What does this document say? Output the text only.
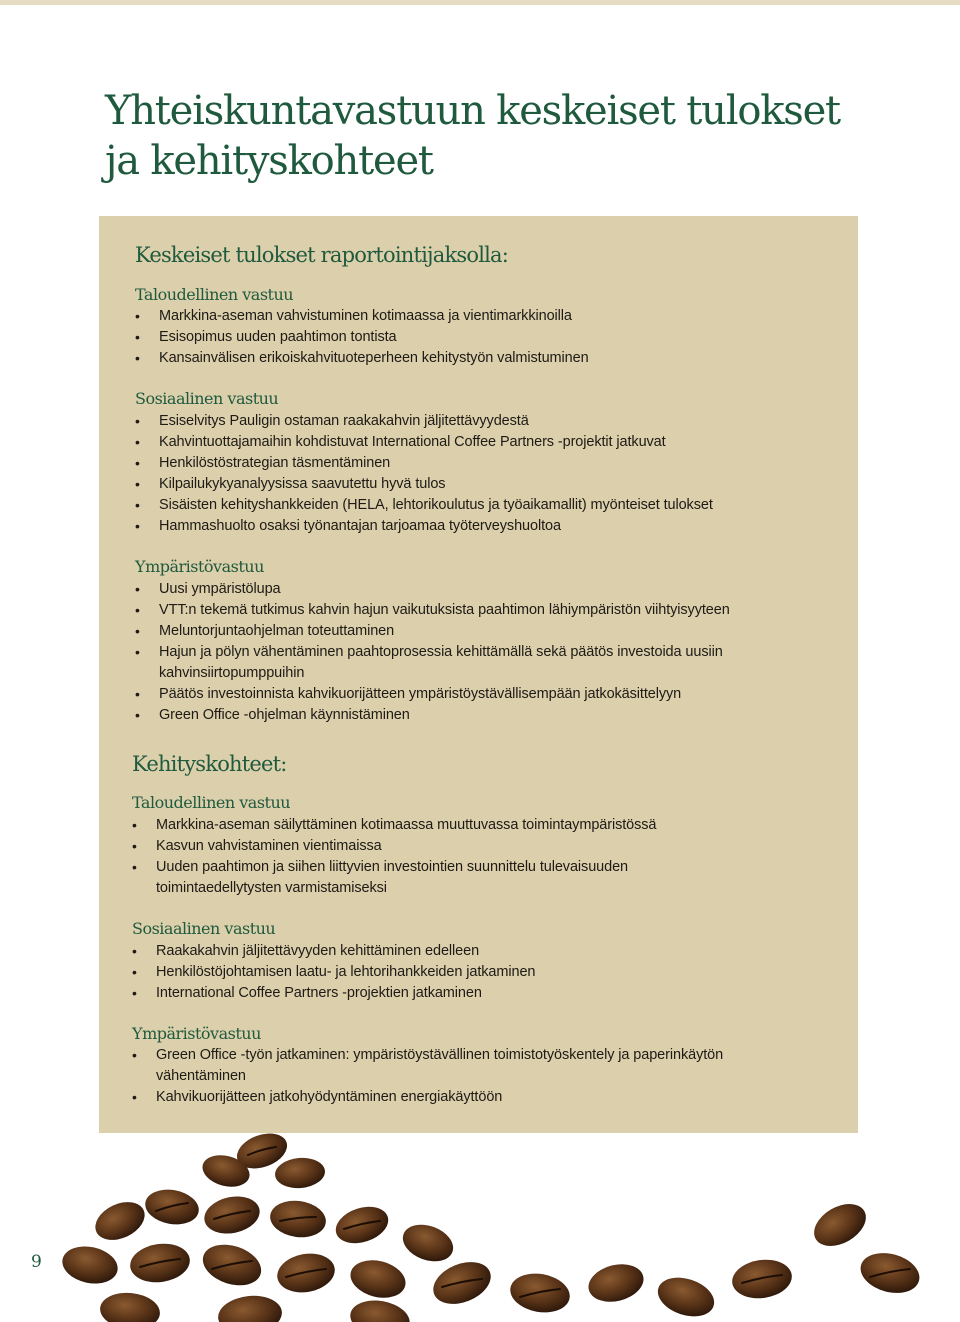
Yhteiskuntavastuun keskeiset tulokset
ja kehityskohteet
Keskeiset tulokset raportointijaksolla:
Taloudellinen vastuu
• Markkina-aseman vahvistuminen kotimaassa ja vientimarkkinoilla
• Esisopimus uuden paahtimon tontista
• Kansainvälisen erikoiskahvituoteperheen kehitystyön valmistuminen
Sosiaalinen vastuu
• Esiselvitys Pauligin ostaman raakakahvin jäljitettävyydestä
• Kahvintuottajamaihin kohdistuvat International Coffee Partners -projektit jatkuvat
• Henkilöstöstrategian täsmentäminen
• Kilpailukykyanalyysissa saavutettu hyvä tulos
• Sisäisten kehityshankkeiden (HELA, lehtorikoulutus ja työaikamallit) myönteiset tulokset
• Hammashuolto osaksi työnantajan tarjoamaa työterveyshuoltoa
Ympäristövastuu
• Uusi ympäristölupa
• VTT:n tekemä tutkimus kahvin hajun vaikutuksista paahtimon lähiympäristön viihtyisyyteen
• Meluntorjuntaohjelman toteuttaminen
• Hajun ja pölyn vähentäminen paahtoprosessia kehittämällä sekä päätös investoida uusiin kahvinsiirtopumppuihin
• Päätös investoinnista kahvikuorijätteen ympäristöystävällisempään jatkokäsittelyyn
• Green Office -ohjelman käynnistäminen
Kehityskohteet:
Taloudellinen vastuu
• Markkina-aseman säilyttäminen kotimaassa muuttuvassa toimintaympäristössä
• Kasvun vahvistaminen vientimaissa
• Uuden paahtimon ja siihen liittyvien investointien suunnittelu tulevaisuuden toimintaedellytysten varmistamiseksi
Sosiaalinen vastuu
• Raakakahvin jäljitettävyyden kehittäminen edelleen
• Henkilöstöjohtamisen laatu- ja lehtorihankkeiden jatkaminen
• International Coffee Partners -projektien jatkaminen
Ympäristövastuu
• Green Office -työn jatkaminen: ympäristöystävällinen toimistotyöskentely ja paperinkäytön vähentäminen
• Kahvikuorijätteen jatkohyödyntäminen energiakäyttöön
9
